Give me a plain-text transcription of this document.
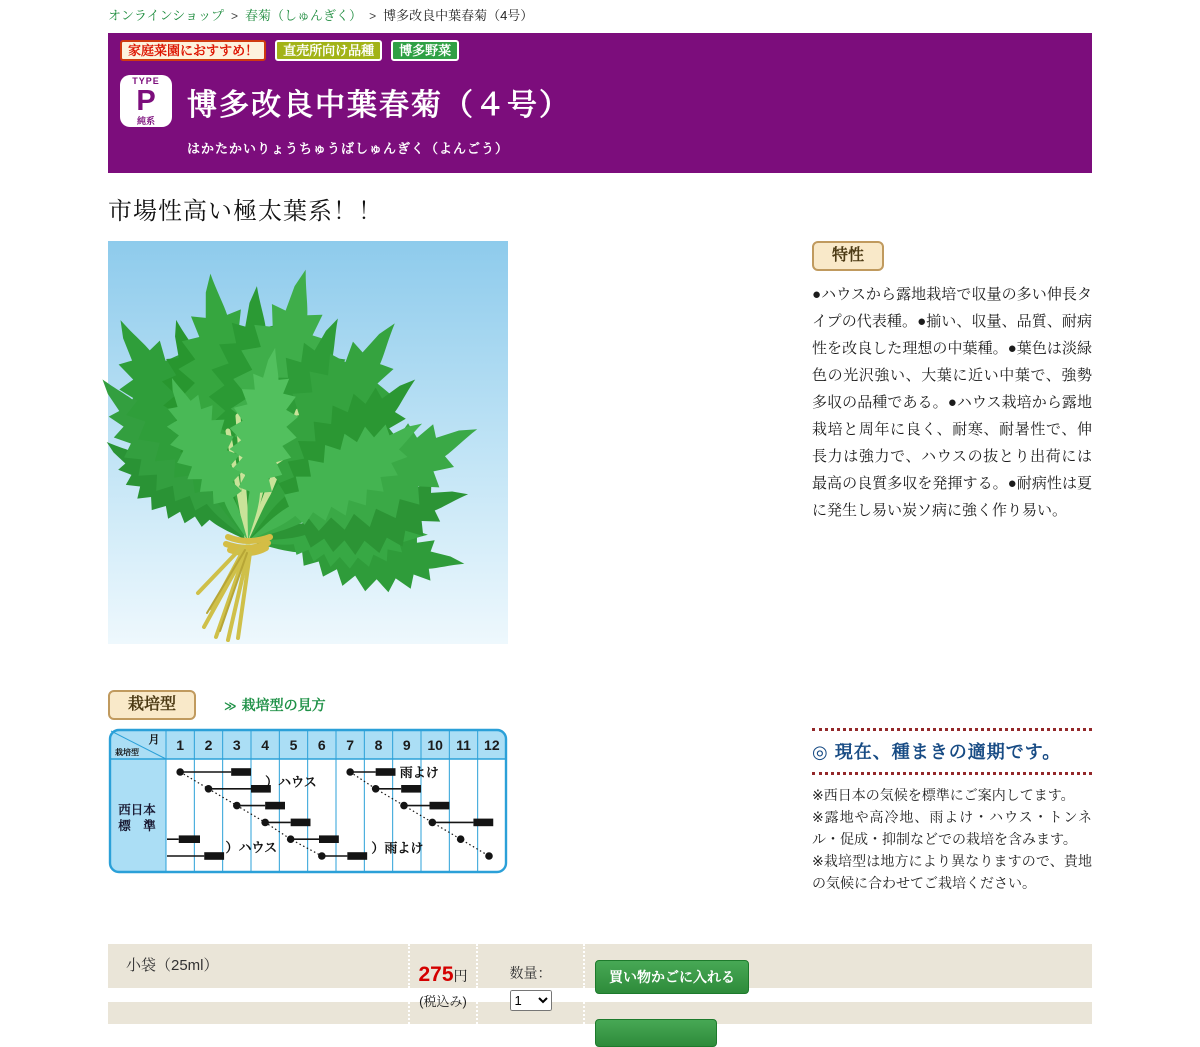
オンラインショップ > 春菊（しゅんぎく） > 博多改良中葉春菊（4号）
家庭菜園におすすめ！	直売所向け品種	博多野菜
TYPE
P
純系 博多改良中葉春菊（４号）
はかたかいりょうちゅうばしゅんぎく（よんごう）
市場性高い極太葉系！！
特性

●ハウスから露地栽培で収量の多い伸長タイプの代表種。●揃い、収量、品質、耐病性を改良した理想の中葉種。●葉色は淡緑色の光沢強い、大葉に近い中葉で、強勢多収の品種である。●ハウス栽培から露地栽培と周年に良く、耐寒、耐暑性で、伸長力は強力で、ハウスの抜とり出荷には最高の良質多収を発揮する。●耐病性は夏に発生し易い炭ソ病に強く作り易い。

栽培型	≫ 栽培型の見方
月
栽培型	1 2 3 4 5 6 7 8 9 10 11 12
西日本
標　準
）ハウス
雨よけ
）ハウス	）雨よけ
◎ 現在、種まきの適期です。

※西日本の気候を標準にご案内してます。

※露地や高冷地、雨よけ・ハウス・トンネル・促成・抑制などでの栽培を含みます。

※栽培型は地方により異なりますので、貴地の気候に合わせてご栽培ください。

小袋（25ml）	275円
(税込み)
数量：
1	買い物かごに入れる
